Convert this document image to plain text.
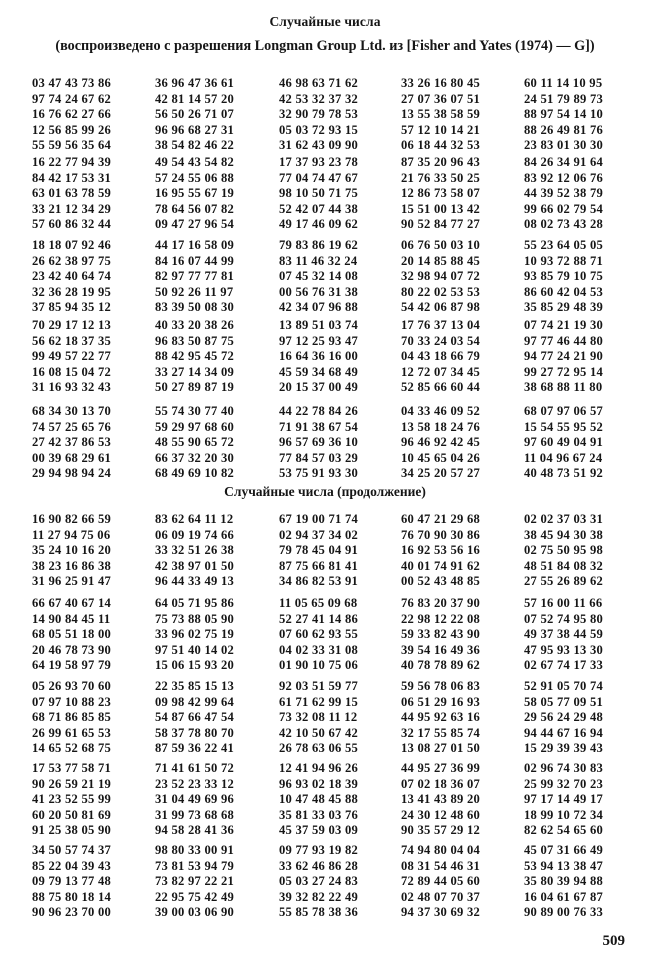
Случайные числа
(воспроизведено с разрешения Longman Group Ltd. из [Fisher and Yates (1974) — G])
03 47 43 73 86
97 74 24 67 62
16 76 62 27 66
12 56 85 99 26
55 59 56 35 64
36 96 47 36 61
42 81 14 57 20
56 50 26 71 07
96 96 68 27 31
38 54 82 46 22
46 98 63 71 62
42 53 32 37 32
32 90 79 78 53
05 03 72 93 15
31 62 43 09 90
33 26 16 80 45
27 07 36 07 51
13 55 38 58 59
57 12 10 14 21
06 18 44 32 53
60 11 14 10 95
24 51 79 89 73
88 97 54 14 10
88 26 49 81 76
23 83 01 30 30
16 22 77 94 39
84 42 17 53 31
63 01 63 78 59
33 21 12 34 29
57 60 86 32 44
49 54 43 54 82
57 24 55 06 88
16 95 55 67 19
78 64 56 07 82
09 47 27 96 54
17 37 93 23 78
77 04 74 47 67
98 10 50 71 75
52 42 07 44 38
49 17 46 09 62
87 35 20 96 43
21 76 33 50 25
12 86 73 58 07
15 51 00 13 42
90 52 84 77 27
84 26 34 91 64
83 92 12 06 76
44 39 52 38 79
99 66 02 79 54
08 02 73 43 28
18 18 07 92 46
26 62 38 97 75
23 42 40 64 74
32 36 28 19 95
37 85 94 35 12
44 17 16 58 09
84 16 07 44 99
82 97 77 77 81
50 92 26 11 97
83 39 50 08 30
79 83 86 19 62
83 11 46 32 24
07 45 32 14 08
00 56 76 31 38
42 34 07 96 88
06 76 50 03 10
20 14 85 88 45
32 98 94 07 72
80 22 02 53 53
54 42 06 87 98
55 23 64 05 05
10 93 72 88 71
93 85 79 10 75
86 60 42 04 53
35 85 29 48 39
70 29 17 12 13
56 62 18 37 35
99 49 57 22 77
16 08 15 04 72
31 16 93 32 43
40 33 20 38 26
96 83 50 87 75
88 42 95 45 72
33 27 14 34 09
50 27 89 87 19
13 89 51 03 74
97 12 25 93 47
16 64 36 16 00
45 59 34 68 49
20 15 37 00 49
17 76 37 13 04
70 33 24 03 54
04 43 18 66 79
12 72 07 34 45
52 85 66 60 44
07 74 21 19 30
97 77 46 44 80
94 77 24 21 90
99 27 72 95 14
38 68 88 11 80
68 34 30 13 70
74 57 25 65 76
27 42 37 86 53
00 39 68 29 61
29 94 98 94 24
55 74 30 77 40
59 29 97 68 60
48 55 90 65 72
66 37 32 20 30
68 49 69 10 82
44 22 78 84 26
71 91 38 67 54
96 57 69 36 10
77 84 57 03 29
53 75 91 93 30
04 33 46 09 52
13 58 18 24 76
96 46 92 42 45
10 45 65 04 26
34 25 20 57 27
68 07 97 06 57
15 54 55 95 52
97 60 49 04 91
11 04 96 67 24
40 48 73 51 92
Случайные числа (продолжение)
16 90 82 66 59
11 27 94 75 06
35 24 10 16 20
38 23 16 86 38
31 96 25 91 47
83 62 64 11 12
06 09 19 74 66
33 32 51 26 38
42 38 97 01 50
96 44 33 49 13
67 19 00 71 74
02 94 37 34 02
79 78 45 04 91
87 75 66 81 41
34 86 82 53 91
60 47 21 29 68
76 70 90 30 86
16 92 53 56 16
40 01 74 91 62
00 52 43 48 85
02 02 37 03 31
38 45 94 30 38
02 75 50 95 98
48 51 84 08 32
27 55 26 89 62
66 67 40 67 14
14 90 84 45 11
68 05 51 18 00
20 46 78 73 90
64 19 58 97 79
64 05 71 95 86
75 73 88 05 90
33 96 02 75 19
97 51 40 14 02
15 06 15 93 20
11 05 65 09 68
52 27 41 14 86
07 60 62 93 55
04 02 33 31 08
01 90 10 75 06
76 83 20 37 90
22 98 12 22 08
59 33 82 43 90
39 54 16 49 36
40 78 78 89 62
57 16 00 11 66
07 52 74 95 80
49 37 38 44 59
47 95 93 13 30
02 67 74 17 33
05 26 93 70 60
07 97 10 88 23
68 71 86 85 85
26 99 61 65 53
14 65 52 68 75
22 35 85 15 13
09 98 42 99 64
54 87 66 47 54
58 37 78 80 70
87 59 36 22 41
92 03 51 59 77
61 71 62 99 15
73 32 08 11 12
42 10 50 67 42
26 78 63 06 55
59 56 78 06 83
06 51 29 16 93
44 95 92 63 16
32 17 55 85 74
13 08 27 01 50
52 91 05 70 74
58 05 77 09 51
29 56 24 29 48
94 44 67 16 94
15 29 39 39 43
17 53 77 58 71
90 26 59 21 19
41 23 52 55 99
60 20 50 81 69
91 25 38 05 90
71 41 61 50 72
23 52 23 33 12
31 04 49 69 96
31 99 73 68 68
94 58 28 41 36
12 41 94 96 26
96 93 02 18 39
10 47 48 45 88
35 81 33 03 76
45 37 59 03 09
44 95 27 36 99
07 02 18 36 07
13 41 43 89 20
24 30 12 48 60
90 35 57 29 12
02 96 74 30 83
25 99 32 70 23
97 17 14 49 17
18 99 10 72 34
82 62 54 65 60
34 50 57 74 37
85 22 04 39 43
09 79 13 77 48
88 75 80 18 14
90 96 23 70 00
98 80 33 00 91
73 81 53 94 79
73 82 97 22 21
22 95 75 42 49
39 00 03 06 90
09 77 93 19 82
33 62 46 86 28
05 03 27 24 83
39 32 82 22 49
55 85 78 38 36
74 94 80 04 04
08 31 54 46 31
72 89 44 05 60
02 48 07 70 37
94 37 30 69 32
45 07 31 66 49
53 94 13 38 47
35 80 39 94 88
16 04 61 67 87
90 89 00 76 33
509
